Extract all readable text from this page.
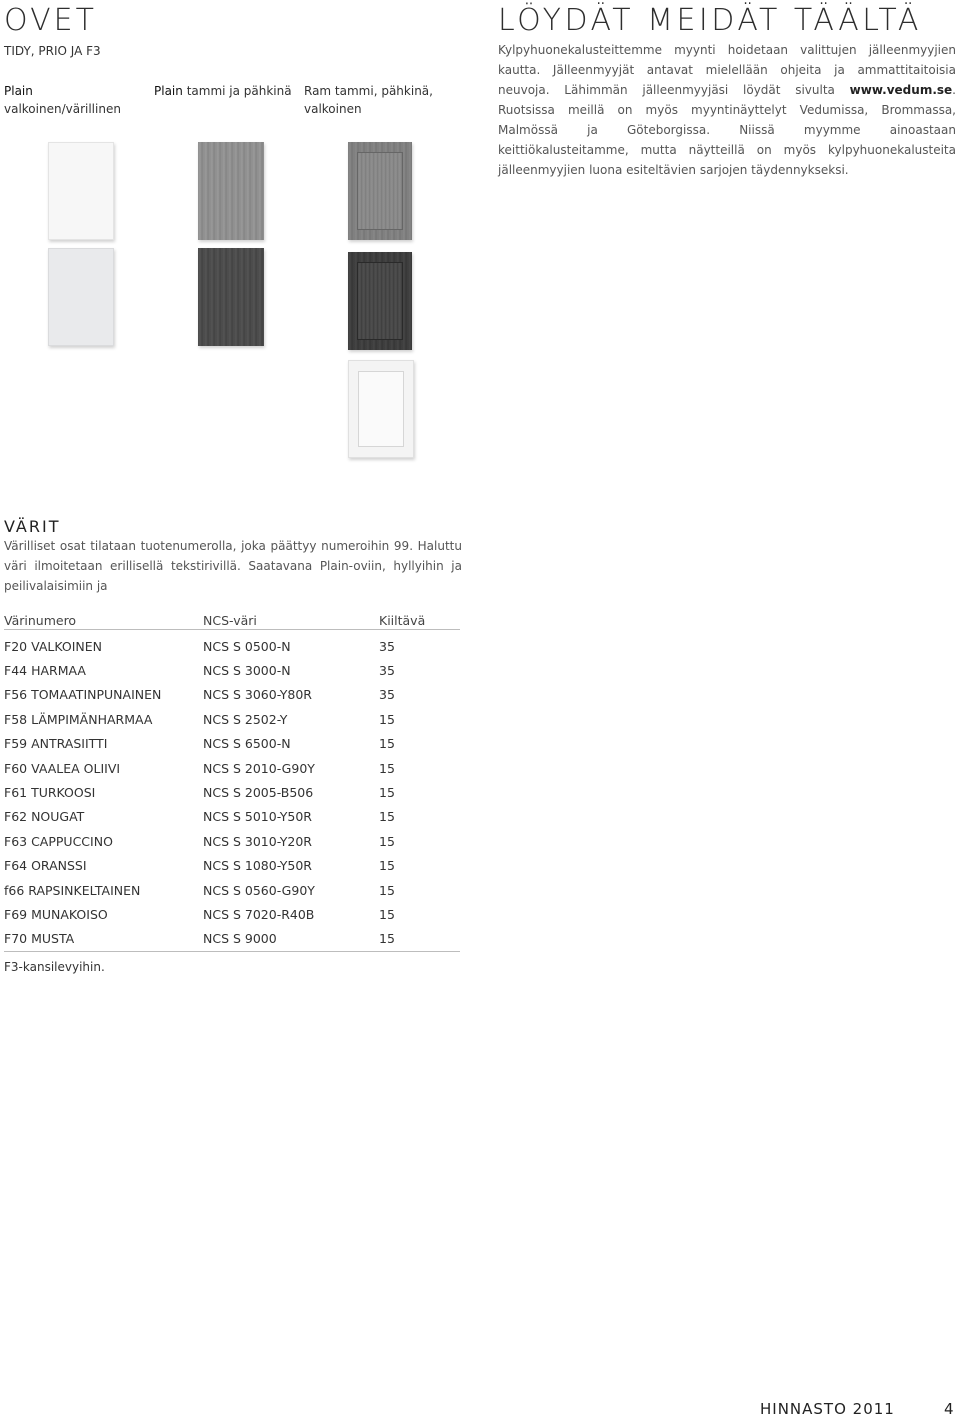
OVET
TIDY, PRIO JA F3
Plain valkoinen/värillinen
Plain tammi ja pähkinä Ram tammi, pähkinä, valkoinen
LÖYDÄT MEIDÄT TÄÄLTÄ
Kylpyhuonekalusteittemme myynti hoidetaan valittujen jälleenmyyjien kautta. Jälleenmyyjät antavat mielellään ohjeita ja ammattitaitoisia neuvoja. Lähimmän jälleenmyyjäsi löydät sivulta www.vedum.se. Ruotsissa meillä on myös myyntinäyttelyt Vedumissa, Brommassa, Malmössä ja Göteborgissa. Niissä myymme ainoastaan keittiökalusteitamme, mutta näytteillä on myös kylpyhuonekalusteita jälleenmyyjien luona esiteltävien sarjojen täydennykseksi.
VÄRIT
Värilliset osat tilataan tuotenumerolla, joka päättyy numeroihin 99. Haluttu väri ilmoitetaan erillisellä tekstirivillä. Saatavana Plain-oviin, hyllyihin ja peilivalaisimiin ja
Värinumero	NCS-väri	Kiiltävä
F20 VALKOINEN	NCS S 0500-N	35
F44 HARMAA	NCS S 3000-N	35
F56 TOMAATINPUNAINEN	NCS S 3060-Y80R	35
F58 LÄMPIMÄNHARMAA	NCS S 2502-Y	15
F59 ANTRASIITTI	NCS S 6500-N	15
F60 VAALEA OLIIVI	NCS S 2010-G90Y	15
F61 TURKOOSI	NCS S 2005-B506	15
F62 NOUGAT	NCS S 5010-Y50R	15
F63 CAPPUCCINO	NCS S 3010-Y20R	15
F64 ORANSSI	NCS S 1080-Y50R	15
f66 RAPSINKELTAINEN	NCS S 0560-G90Y	15
F69 MUNAKOISO	NCS S 7020-R40B	15
F70 MUSTA	NCS S 9000	15
F3-kansilevyihin.
HINNASTO 2011	4
